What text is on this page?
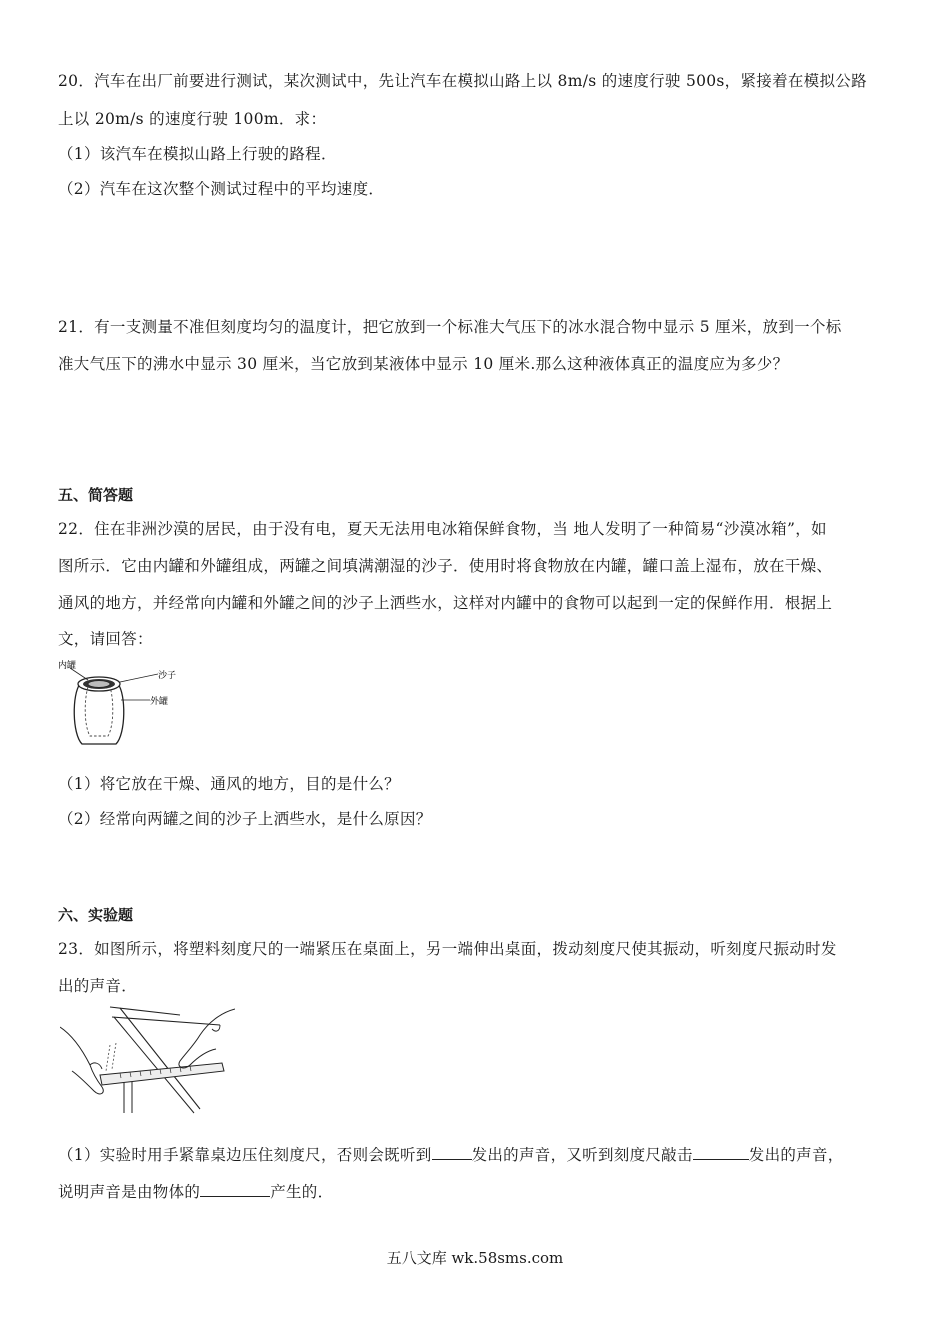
20．汽车在出厂前要进行测试，某次测试中，先让汽车在模拟山路上以 8m/s 的速度行驶 500s，紧接着在模拟公路
上以 20m/s 的速度行驶 100m．求：
（1）该汽车在模拟山路上行驶的路程．
（2）汽车在这次整个测试过程中的平均速度．
21．有一支测量不准但刻度均匀的温度计，把它放到一个标准大气压下的冰水混合物中显示 5 厘米，放到一个标
准大气压下的沸水中显示 30 厘米，当它放到某液体中显示 10 厘米.那么这种液体真正的温度应为多少？
五、简答题
22．住在非洲沙漠的居民，由于没有电，夏天无法用电冰箱保鲜食物，当 地人发明了一种简易“沙漠冰箱”，如
图所示．它由内罐和外罐组成，两罐之间填满潮湿的沙子．使用时将食物放在内罐，罐口盖上湿布，放在干燥、
通风的地方，并经常向内罐和外罐之间的沙子上洒些水，这样对内罐中的食物可以起到一定的保鲜作用．根据上
文，请回答：
内罐
沙子
外罐
（1）将它放在干燥、通风的地方，目的是什么？
（2）经常向两罐之间的沙子上洒些水，是什么原因？
六、实验题
23．如图所示，将塑料刻度尺的一端紧压在桌面上，另一端伸出桌面，拨动刻度尺使其振动，听刻度尺振动时发
出的声音．
（1）实验时用手紧靠桌边压住刻度尺，否则会既听到	发出的声音，又听到刻度尺敲击	发出的声音，
说明声音是由物体的	产生的．
五八文库 wk.58sms.com
